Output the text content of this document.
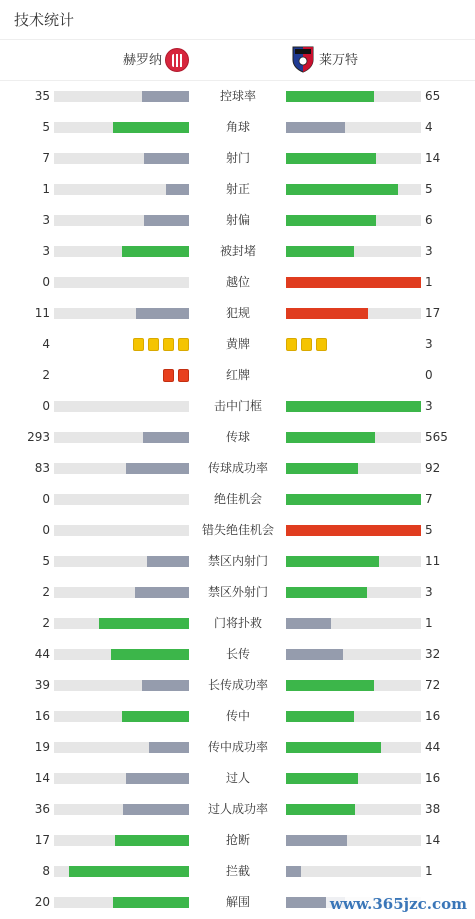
技术统计
赫罗纳	莱万特
35	控球率	65
5	角球	4
7	射门	14
1	射正	5
3	射偏	6
3	被封堵	3
0	越位	1
11	犯规	17
4	黄牌	3
2	红牌	0
0	击中门框	3
293	传球	565
83	传球成功率	92
0	绝佳机会	7
0	错失绝佳机会	5
5	禁区内射门	11
2	禁区外射门	3
2	门将扑救	1
44	长传	32
39	长传成功率	72
16	传中	16
19	传中成功率	44
14	过人	16
36	过人成功率	38
17	抢断	14
8	拦截	1
20	解围	www.365jzc.com
